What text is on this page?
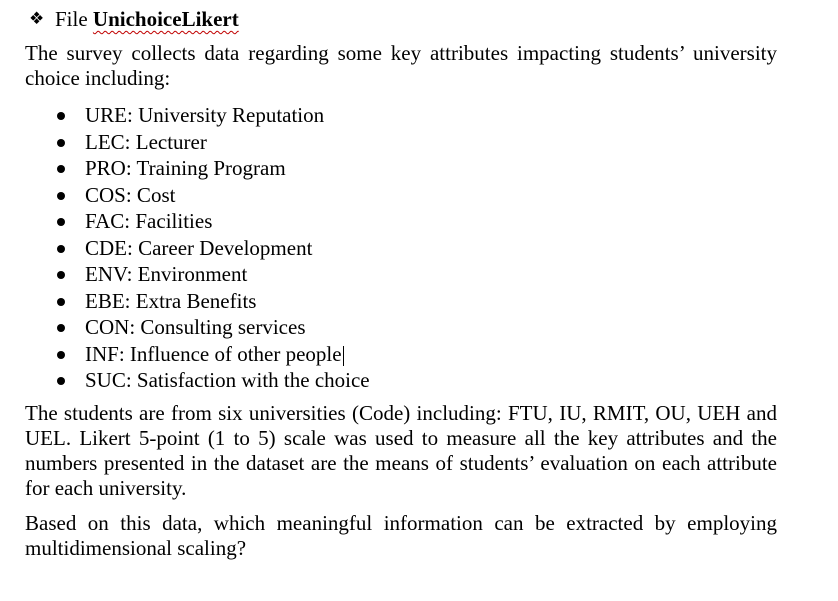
❖ File UnichoiceLikert
The survey collects data regarding some key attributes impacting students’ university choice including:
URE: University Reputation
LEC: Lecturer
PRO: Training Program
COS: Cost
FAC: Facilities
CDE: Career Development
ENV: Environment
EBE: Extra Benefits
CON: Consulting services
INF: Influence of other people
SUC: Satisfaction with the choice
The students are from six universities (Code) including: FTU, IU, RMIT, OU, UEH and UEL. Likert 5-point (1 to 5) scale was used to measure all the key attributes and the numbers presented in the dataset are the means of students’ evaluation on each attribute for each university.
Based on this data, which meaningful information can be extracted by employing multidimensional scaling?
